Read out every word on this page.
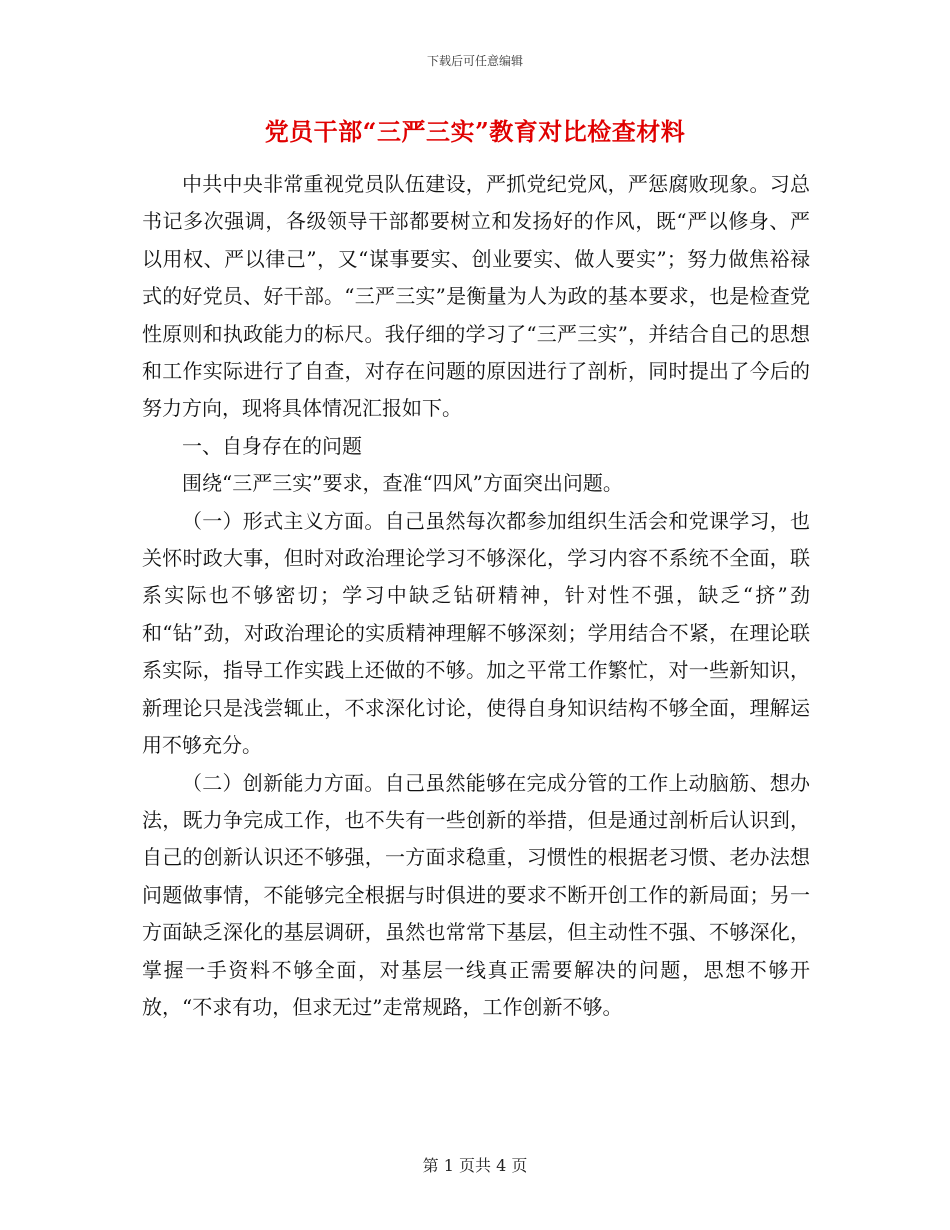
下载后可任意编辑
党员干部“三严三实”教育对比检查材料

中共中央非常重视党员队伍建设，严抓党纪党风，严惩腐败现象。习总书记多次强调，各级领导干部都要树立和发扬好的作风，既“严以修身、严以用权、严以律己”，又“谋事要实、创业要实、做人要实”；努力做焦裕禄式的好党员、好干部。“三严三实”是衡量为人为政的基本要求，也是检查党性原则和执政能力的标尺。我仔细的学习了“三严三实”，并结合自己的思想和工作实际进行了自查，对存在问题的原因进行了剖析，同时提出了今后的努力方向，现将具体情况汇报如下。

一、自身存在的问题

围绕“三严三实”要求，查准“四风”方面突出问题。

（一）形式主义方面。自己虽然每次都参加组织生活会和党课学习，也关怀时政大事，但时对政治理论学习不够深化，学习内容不系统不全面，联系实际也不够密切；学习中缺乏钻研精神，针对性不强，缺乏“挤”劲和“钻”劲，对政治理论的实质精神理解不够深刻；学用结合不紧，在理论联系实际，指导工作实践上还做的不够。加之平常工作繁忙，对一些新知识，新理论只是浅尝辄止，不求深化讨论，使得自身知识结构不够全面，理解运用不够充分。

（二）创新能力方面。自己虽然能够在完成分管的工作上动脑筋、想办法，既力争完成工作，也不失有一些创新的举措，但是通过剖析后认识到，自己的创新认识还不够强，一方面求稳重，习惯性的根据老习惯、老办法想问题做事情，不能够完全根据与时俱进的要求不断开创工作的新局面；另一方面缺乏深化的基层调研，虽然也常常下基层，但主动性不强、不够深化，掌握一手资料不够全面，对基层一线真正需要解决的问题，思想不够开放，“不求有功，但求无过”走常规路，工作创新不够。

第 1 页共 4 页
